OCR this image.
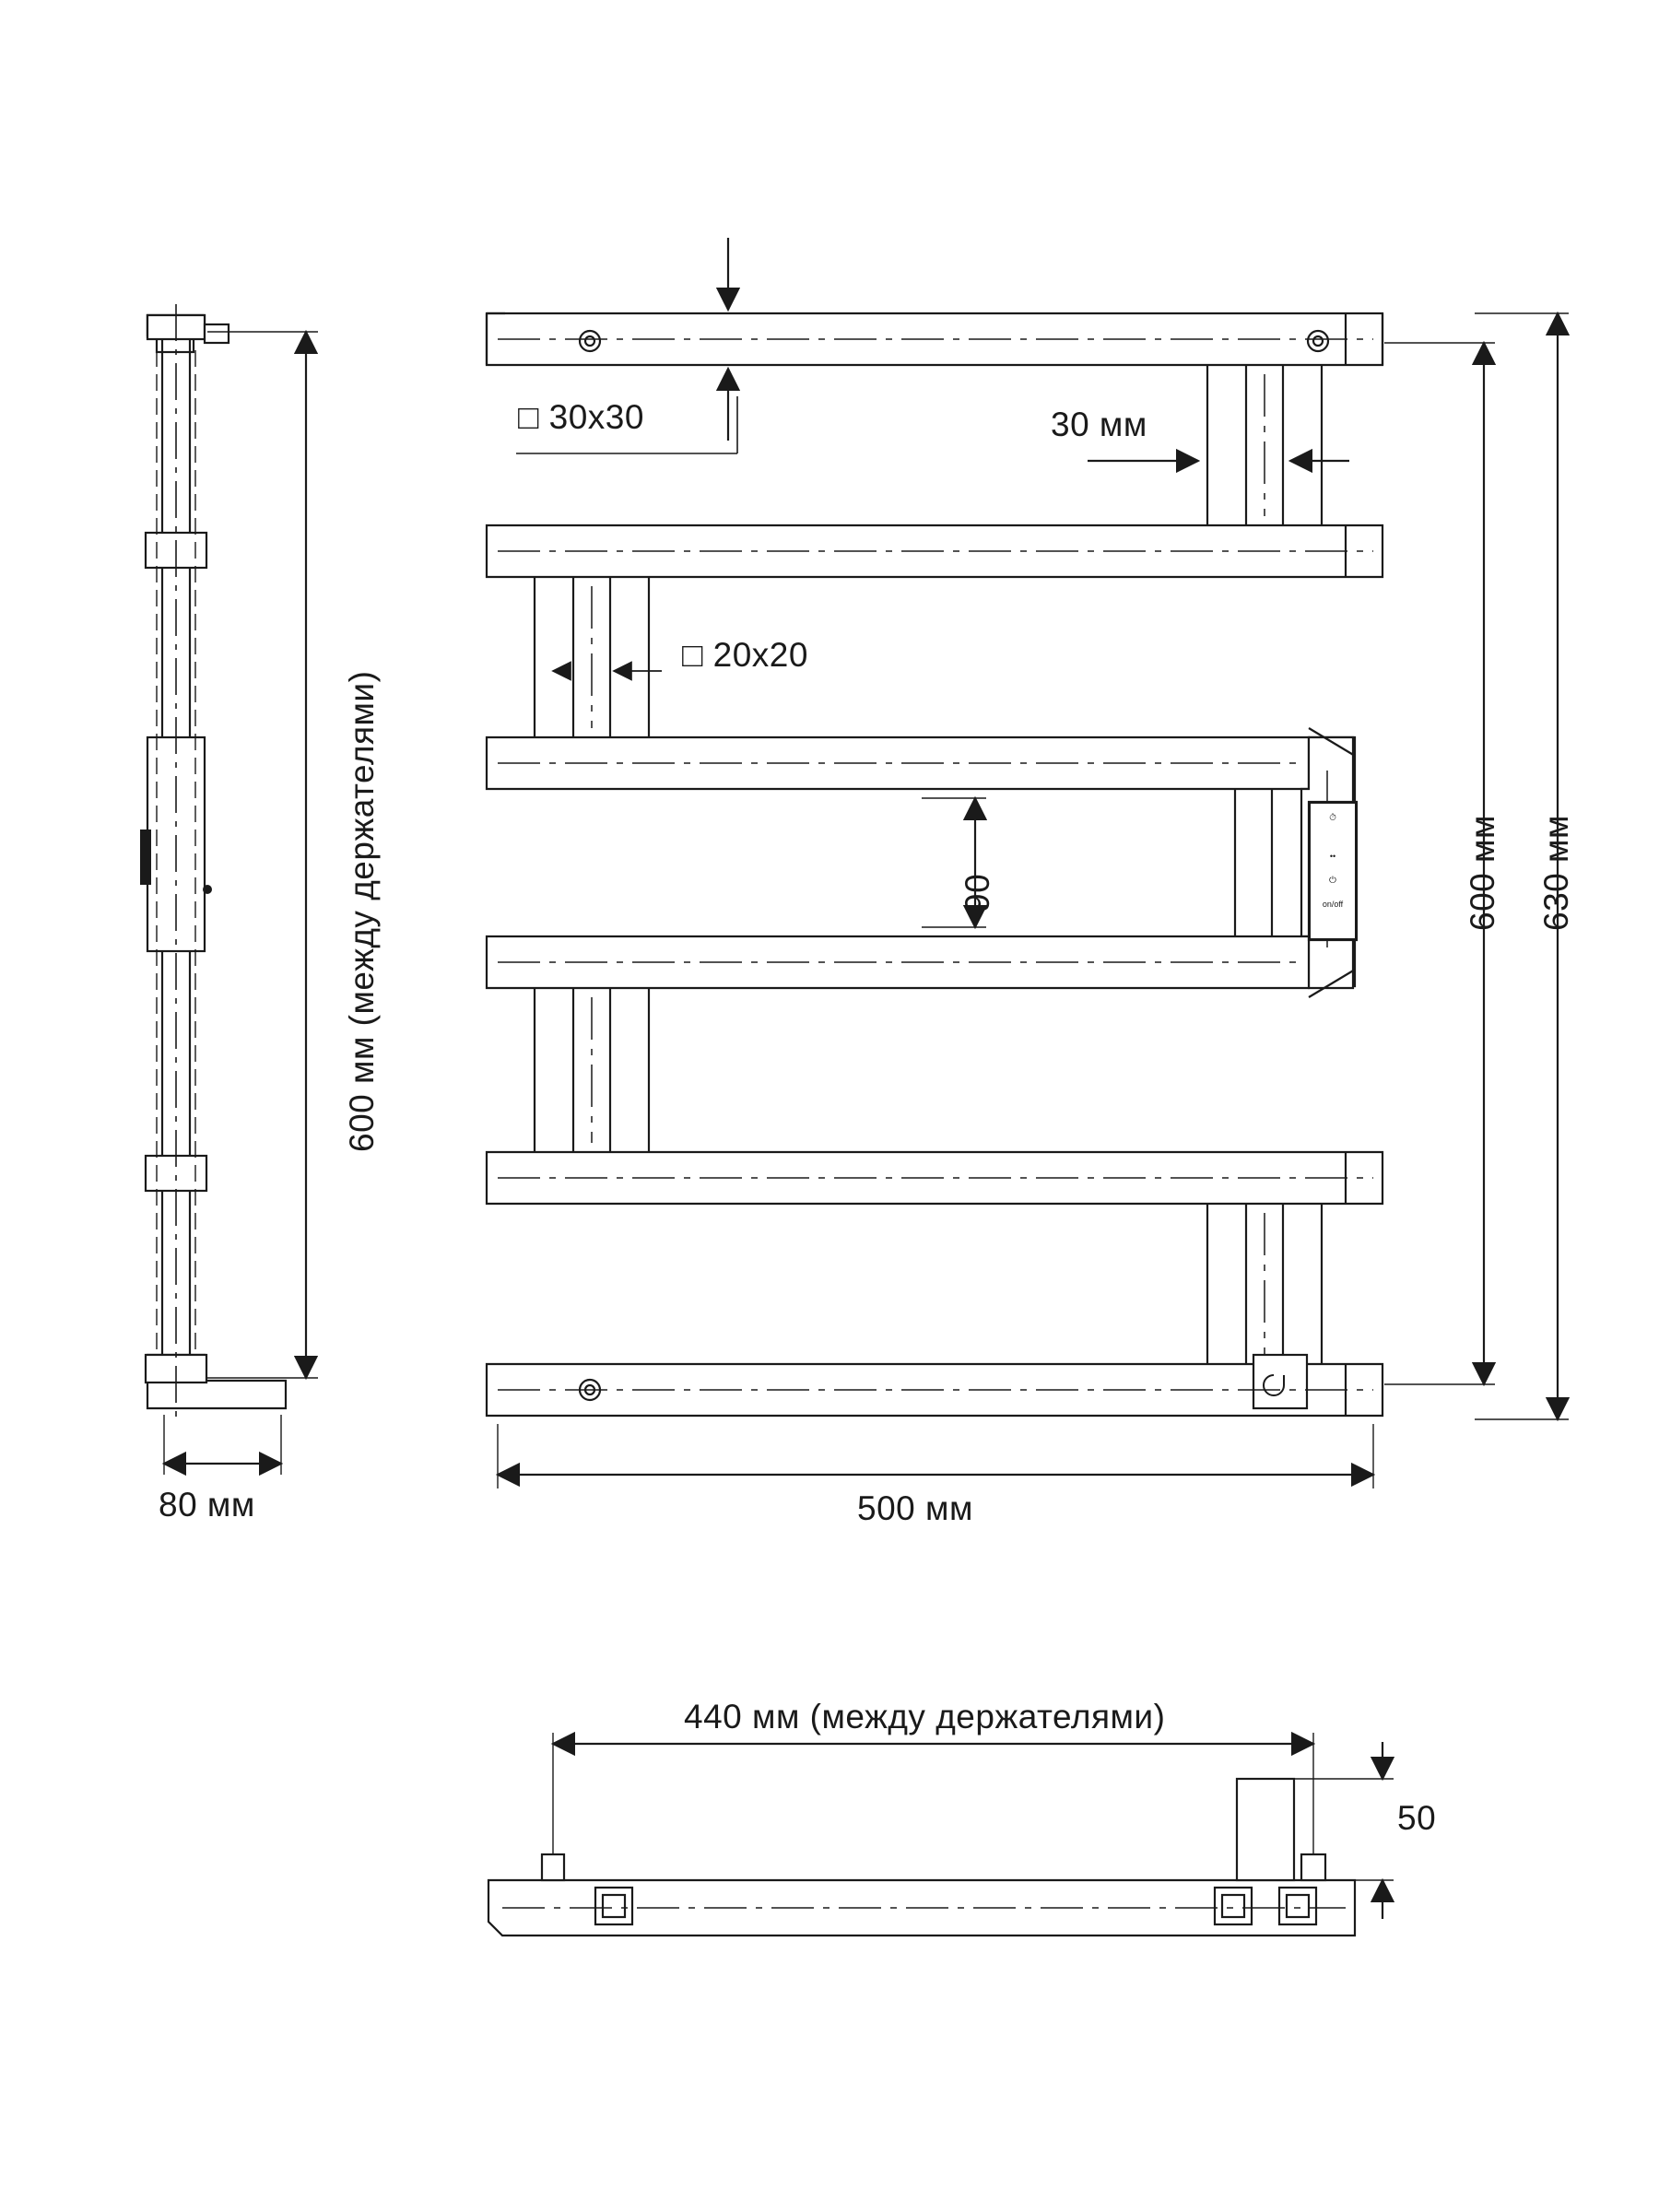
□ 30x30
□ 20x20
30 мм
90
600 мм (между держателями)
80 мм
600 мм 630 мм
500 мм
440 мм (между держателями)
50
⏱
••
⏻
on/off
